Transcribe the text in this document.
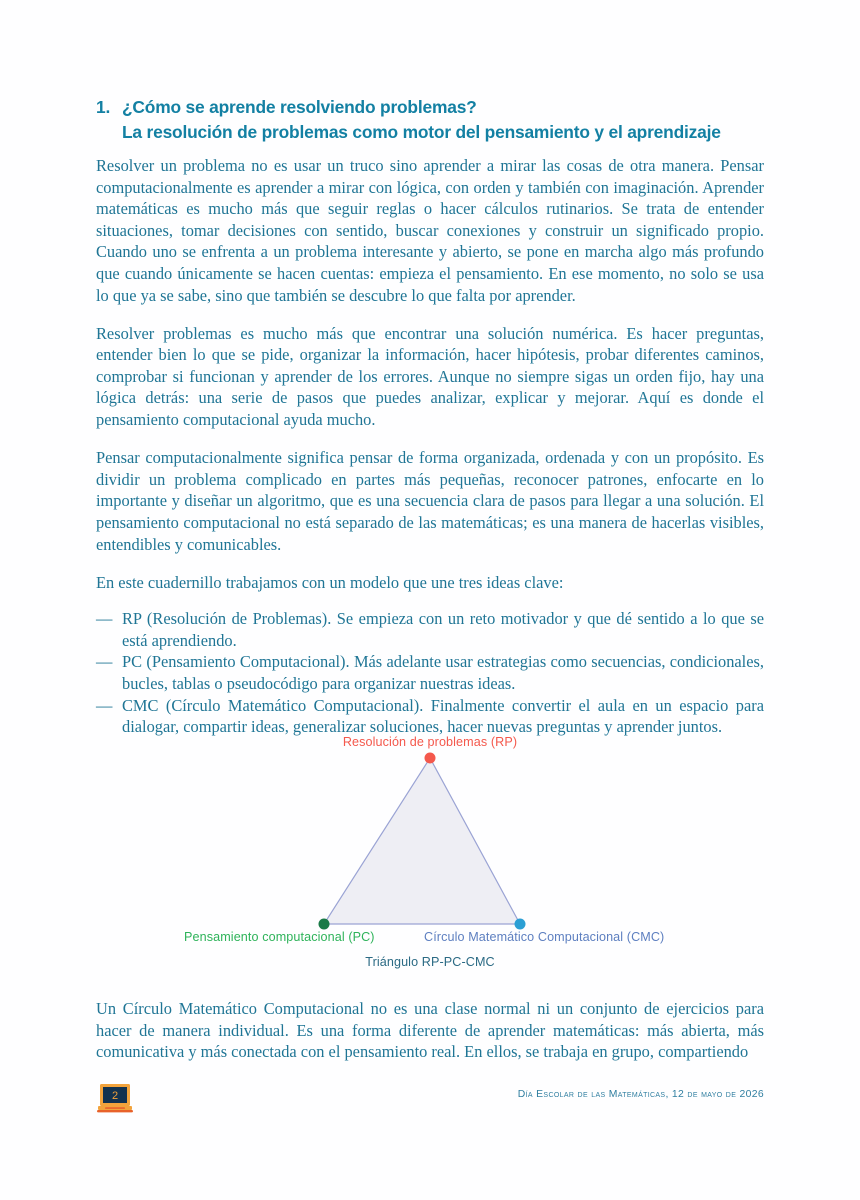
1. ¿Cómo se aprende resolviendo problemas?
La resolución de problemas como motor del pensamiento y el aprendizaje

Resolver un problema no es usar un truco sino aprender a mirar las cosas de otra manera. Pensar computacionalmente es aprender a mirar con lógica, con orden y también con imaginación. Aprender matemáticas es mucho más que seguir reglas o hacer cálculos rutinarios. Se trata de entender situaciones, tomar decisiones con sentido, buscar conexiones y construir un significado propio. Cuando uno se enfrenta a un problema interesante y abierto, se pone en marcha algo más profundo que cuando únicamente se hacen cuentas: empieza el pensamiento. En ese momento, no solo se usa lo que ya se sabe, sino que también se descubre lo que falta por aprender.

Resolver problemas es mucho más que encontrar una solución numérica. Es hacer preguntas, entender bien lo que se pide, organizar la información, hacer hipótesis, probar diferentes caminos, comprobar si funcionan y aprender de los errores. Aunque no siempre sigas un orden fijo, hay una lógica detrás: una serie de pasos que puedes analizar, explicar y mejorar. Aquí es donde el pensamiento computacional ayuda mucho.

Pensar computacionalmente significa pensar de forma organizada, ordenada y con un propósito. Es dividir un problema complicado en partes más pequeñas, reconocer patrones, enfocarte en lo importante y diseñar un algoritmo, que es una secuencia clara de pasos para llegar a una solución. El pensamiento computacional no está separado de las matemáticas; es una manera de hacerlas visibles, entendibles y comunicables.

En este cuadernillo trabajamos con un modelo que une tres ideas clave:

— RP (Resolución de Problemas). Se empieza con un reto motivador y que dé sentido a lo que se está aprendiendo.
— PC (Pensamiento Computacional). Más adelante usar estrategias como secuencias, condicionales, bucles, tablas o pseudocódigo para organizar nuestras ideas.
— CMC (Círculo Matemático Computacional). Finalmente convertir el aula en un espacio para dialogar, compartir ideas, generalizar soluciones, hacer nuevas preguntas y aprender juntos.
Resolución de problemas (RP)
Pensamiento computacional (PC)	Círculo Matemático Computacional (CMC)
Triángulo RP-PC-CMC

Un Círculo Matemático Computacional no es una clase normal ni un conjunto de ejercicios para hacer de manera individual. Es una forma diferente de aprender matemáticas: más abierta, más comunicativa y más conectada con el pensamiento real. En ellos, se trabaja en grupo, compartiendo

2	Día Escolar de las Matemáticas, 12 de mayo de 2026
